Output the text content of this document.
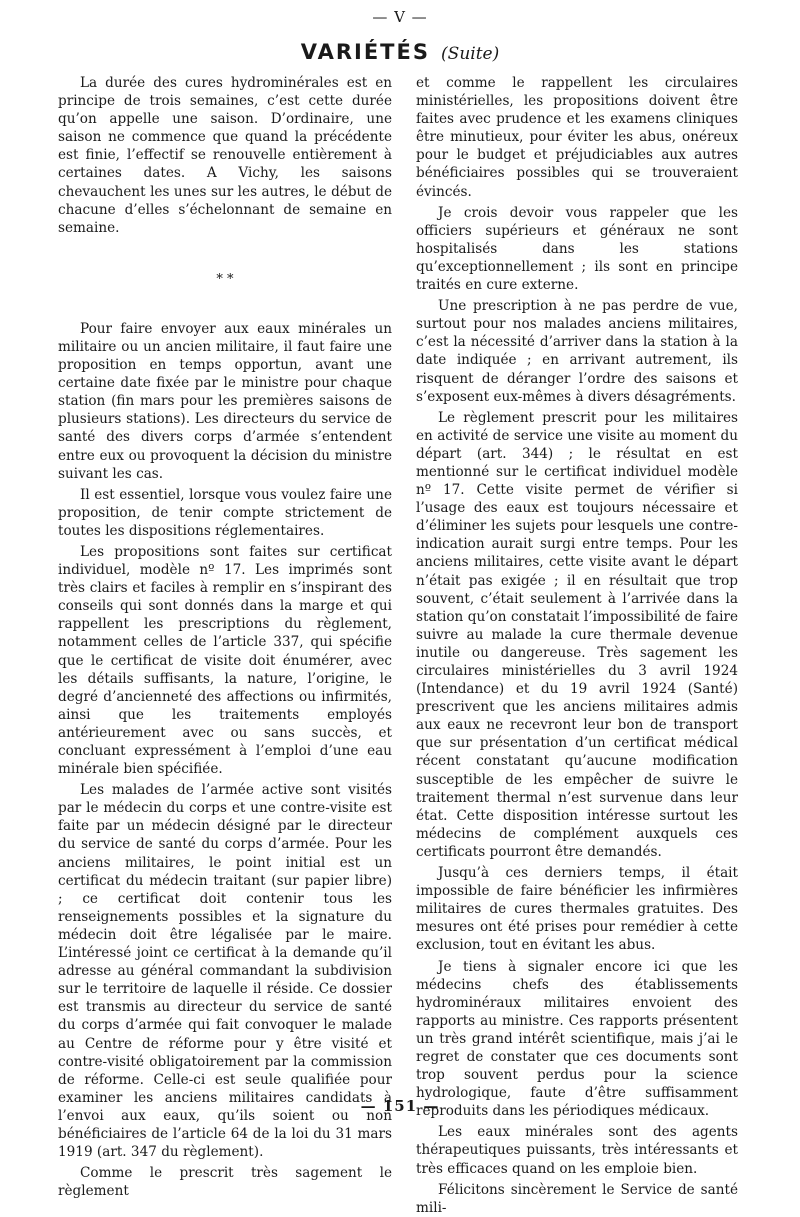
— V —
VARIÉTÉS (Suite)

La durée des cures hydrominérales est en principe de trois semaines, c’est cette durée qu’on appelle une saison. D’ordinaire, une saison ne commence que quand la précédente est finie, l’effectif se renouvelle entièrement à certaines dates. A Vichy, les saisons chevauchent les unes sur les autres, le début de chacune d’elles s’échelonnant de semaine en semaine.

* *

Pour faire envoyer aux eaux minérales un militaire ou un ancien militaire, il faut faire une proposition en temps opportun, avant une certaine date fixée par le ministre pour chaque station (fin mars pour les premières saisons de plusieurs stations). Les directeurs du service de santé des divers corps d’armée s’entendent entre eux ou provoquent la décision du ministre suivant les cas.

Il est essentiel, lorsque vous voulez faire une proposition, de tenir compte strictement de toutes les dispositions réglementaires.

Les propositions sont faites sur certificat individuel, modèle nº 17. Les imprimés sont très clairs et faciles à remplir en s’inspirant des conseils qui sont donnés dans la marge et qui rappellent les prescriptions du règlement, notamment celles de l’article 337, qui spécifie que le certificat de visite doit énumérer, avec les détails suffisants, la nature, l’origine, le degré d’ancienneté des affections ou infirmités, ainsi que les traitements employés antérieurement avec ou sans succès, et concluant expressément à l’emploi d’une eau minérale bien spécifiée.

Les malades de l’armée active sont visités par le médecin du corps et une contre-visite est faite par un médecin désigné par le directeur du service de santé du corps d’armée. Pour les anciens militaires, le point initial est un certificat du médecin traitant (sur papier libre) ; ce certificat doit contenir tous les renseignements possibles et la signature du médecin doit être légalisée par le maire. L’intéressé joint ce certificat à la demande qu’il adresse au général commandant la subdivision sur le territoire de laquelle il réside. Ce dossier est transmis au directeur du service de santé du corps d’armée qui fait convoquer le malade au Centre de réforme pour y être visité et contre-visité obligatoirement par la commission de réforme. Celle-ci est seule qualifiée pour examiner les anciens militaires candidats à l’envoi aux eaux, qu’ils soient ou non bénéficiaires de l’article 64 de la loi du 31 mars 1919 (art. 347 du règlement).

Comme le prescrit très sagement le règlement

et comme le rappellent les circulaires ministérielles, les propositions doivent être faites avec prudence et les examens cliniques être minutieux, pour éviter les abus, onéreux pour le budget et préjudiciables aux autres bénéficiaires possibles qui se trouveraient évincés.

Je crois devoir vous rappeler que les officiers supérieurs et généraux ne sont hospitalisés dans les stations qu’exceptionnellement ; ils sont en principe traités en cure externe.

Une prescription à ne pas perdre de vue, surtout pour nos malades anciens militaires, c’est la nécessité d’arriver dans la station à la date indiquée ; en arrivant autrement, ils risquent de déranger l’ordre des saisons et s’exposent eux-mêmes à divers désagréments.

Le règlement prescrit pour les militaires en activité de service une visite au moment du départ (art. 344) ; le résultat en est mentionné sur le certificat individuel modèle nº 17. Cette visite permet de vérifier si l’usage des eaux est toujours nécessaire et d’éliminer les sujets pour lesquels une contre-indication aurait surgi entre temps. Pour les anciens militaires, cette visite avant le départ n’était pas exigée ; il en résultait que trop souvent, c’était seulement à l’arrivée dans la station qu’on constatait l’impossibilité de faire suivre au malade la cure thermale devenue inutile ou dangereuse. Très sagement les circulaires ministérielles du 3 avril 1924 (Intendance) et du 19 avril 1924 (Santé) prescrivent que les anciens militaires admis aux eaux ne recevront leur bon de transport que sur présentation d’un certificat médical récent constatant qu’aucune modification susceptible de les empêcher de suivre le traitement thermal n’est survenue dans leur état. Cette disposition intéresse surtout les médecins de complément auxquels ces certificats pourront être demandés.

Jusqu’à ces derniers temps, il était impossible de faire bénéficier les infirmières militaires de cures thermales gratuites. Des mesures ont été prises pour remédier à cette exclusion, tout en évitant les abus.

Je tiens à signaler encore ici que les médecins chefs des établissements hydrominéraux militaires envoient des rapports au ministre. Ces rapports présentent un très grand intérêt scientifique, mais j’ai le regret de constater que ces documents sont trop souvent perdus pour la science hydrologique, faute d’être suffisamment reproduits dans les périodiques médicaux.

Les eaux minérales sont des agents thérapeutiques puissants, très intéressants et très efficaces quand on les emploie bien.

Félicitons sincèrement le Service de santé mili-

— 151 —
